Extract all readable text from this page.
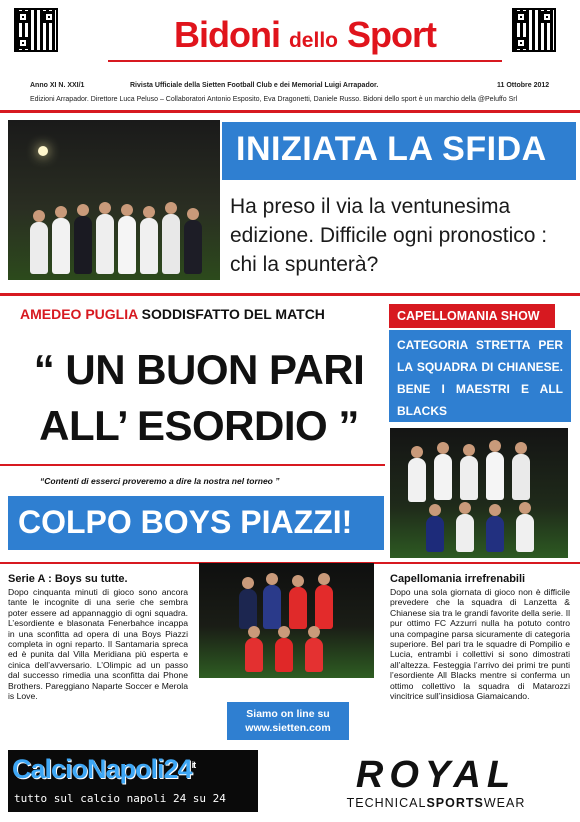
Bidoni dello Sport
Anno XI N. XXI/1	Rivista Ufficiale della Sietten Football Club e dei Memorial Luigi Arrapador.	11 Ottobre 2012
Edizioni Arrapador. Direttore Luca Peluso – Collaboratori Antonio Esposito, Eva Dragonetti, Daniele Russo. Bidoni dello sport è un marchio della @Peluffo Srl
INIZIATA LA SFIDA
Ha preso il via la ventunesima edizione. Difficile ogni pronostico : chi la spunterà?
AMEDEO PUGLIA SODDISFATTO DEL MATCH
“ UN BUON PARI
ALL’ ESORDIO ”
“Contenti di esserci proveremo a dire la nostra nel torneo ”
CAPELLOMANIA SHOW
CATEGORIA STRETTA PER LA SQUADRA DI CHIANESE. BENE I MAESTRI E ALL BLACKS
COLPO BOYS PIAZZI!
Serie A : Boys su tutte.
Dopo cinquanta minuti di gioco sono ancora tante le incognite di una serie che sembra poter essere ad appannaggio di ogni squadra. L’esordiente e blasonata Fenerbahce incappa in una sconfitta ad opera di una Boys Piazzi completa in ogni reparto. Il Santamaria spreca ed è punita dal Villa Meridiana più esperta e cinica dell’avversario. L’Olimpic ad un passo dal successo rimedia una sconfitta dai Phone Brothers. Pareggiano Naparte Soccer e Merola is Love.
Siamo on line su
www.sietten.com
Capellomania irrefrenabili
Dopo una sola giornata di gioco non è difficile prevedere che la squadra di Lanzetta & Chianese sia tra le grandi favorite della serie. Il pur ottimo FC Azzurri nulla ha potuto contro una compagine parsa sicuramente di categoria superiore. Bel pari tra le squadre di Pompilio e Lucia, entrambi i collettivi si sono dimostrati all’altezza. Festeggia l’arrivo dei primi tre punti l’esordiente All Blacks mentre si conferma un ottimo collettivo la squadra di Matarozzi vincitrice sull’insidiosa Giamaicando.
$CalcioNapoli24^{it}$
tutto sul calcio napoli 24 su 24
ROYAL
TECHNICALSPORTSWEAR
